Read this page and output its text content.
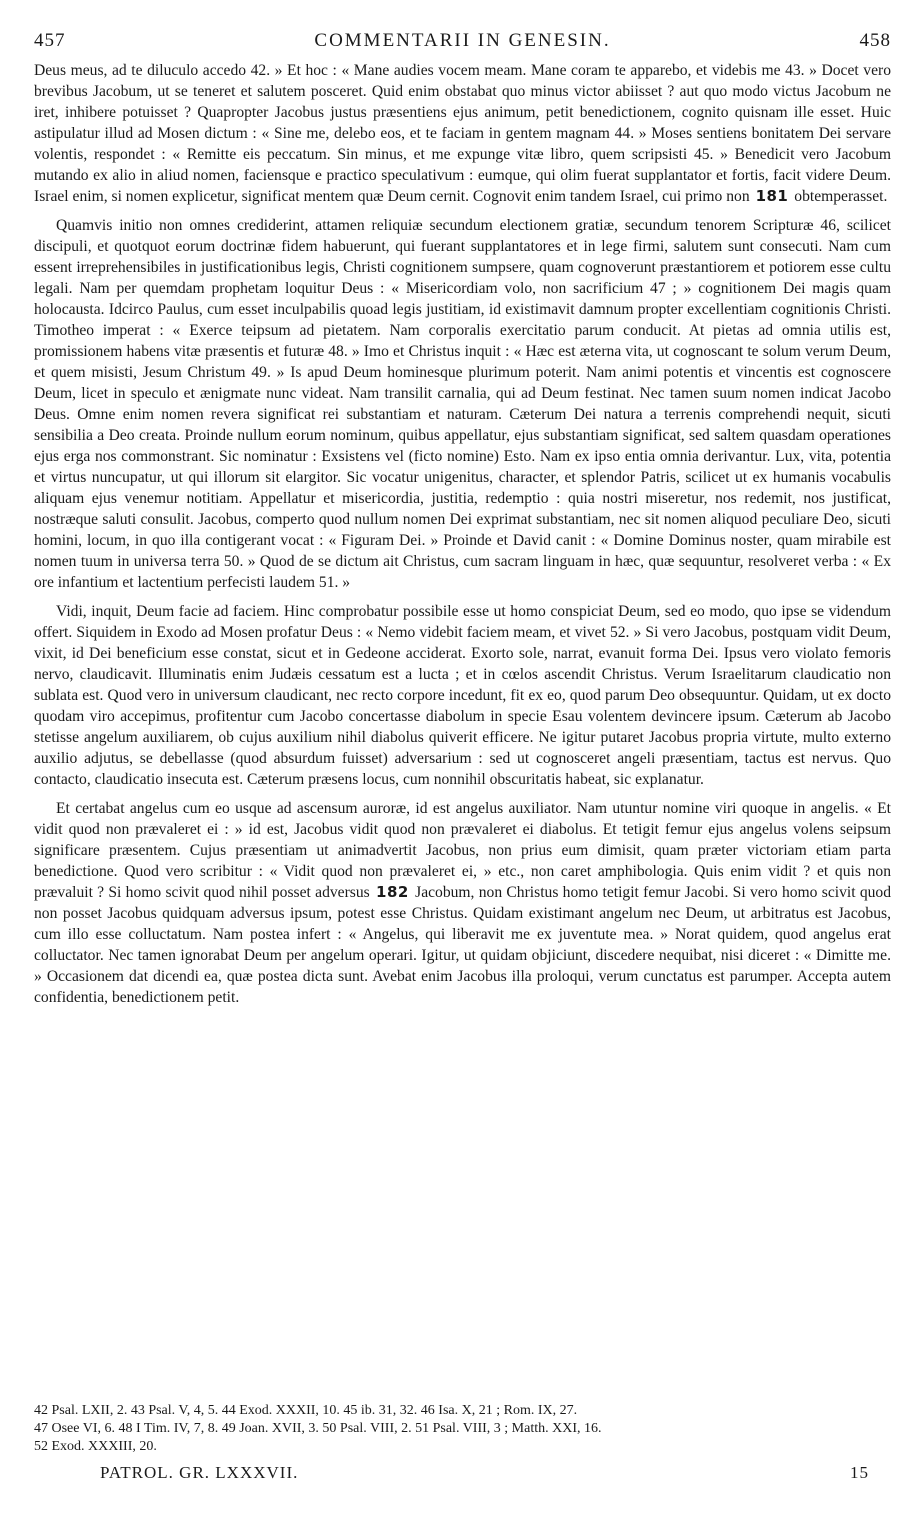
457	COMMENTARII IN GENESIN.	458

Deus meus, ad te diluculo accedo 42. » Et hoc : « Mane audies vocem meam. Mane coram te apparebo, et videbis me 43. » Docet vero brevibus Jacobum, ut se teneret et salutem posceret. Quid enim obstabat quo minus victor abiisset ? aut quo modo victus Jacobum ne iret, inhibere potuisset ? Quapropter Jacobus justus præsentiens ejus animum, petit benedictionem, cognito quisnam ille esset. Huic astipulatur illud ad Mosen dictum : « Sine me, delebo eos, et te faciam in gentem magnam 44. » Moses sentiens bonitatem Dei servare volentis, respondet : « Remitte eis peccatum. Sin minus, et me expunge vitæ libro, quem scripsisti 45. » Benedicit vero Jacobum mutando ex alio in aliud nomen, faciensque e practico speculativum : eumque, qui olim fuerat supplantator et fortis, facit videre Deum. Israel enim, si nomen explicetur, significat mentem quæ Deum cernit. Cognovit enim tandem Israel, cui primo non 181 obtemperasset.

Quamvis initio non omnes crediderint, attamen reliquiæ secundum electionem gratiæ, secundum tenorem Scripturæ 46, scilicet discipuli, et quotquot eorum doctrinæ fidem habuerunt, qui fuerant supplantatores et in lege firmi, salutem sunt consecuti. Nam cum essent irreprehensibiles in justificationibus legis, Christi cognitionem sumpsere, quam cognoverunt præstantiorem et potiorem esse cultu legali. Nam per quemdam prophetam loquitur Deus : « Misericordiam volo, non sacrificium 47 ; » cognitionem Dei magis quam holocausta. Idcirco Paulus, cum esset inculpabilis quoad legis justitiam, id existimavit damnum propter excellentiam cognitionis Christi. Timotheo imperat : « Exerce teipsum ad pietatem. Nam corporalis exercitatio parum conducit. At pietas ad omnia utilis est, promissionem habens vitæ præsentis et futuræ 48. » Imo et Christus inquit : « Hæc est æterna vita, ut cognoscant te solum verum Deum, et quem misisti, Jesum Christum 49. » Is apud Deum hominesque plurimum poterit. Nam animi potentis et vincentis est cognoscere Deum, licet in speculo et ænigmate nunc videat. Nam transilit carnalia, qui ad Deum festinat. Nec tamen suum nomen indicat Jacobo Deus. Omne enim nomen revera significat rei substantiam et naturam. Cæterum Dei natura a terrenis comprehendi nequit, sicuti sensibilia a Deo creata. Proinde nullum eorum nominum, quibus appellatur, ejus substantiam significat, sed saltem quasdam operationes ejus erga nos commonstrant. Sic nominatur : Exsistens vel (ficto nomine) Esto. Nam ex ipso entia omnia derivantur. Lux, vita, potentia et virtus nuncupatur, ut qui illorum sit elargitor. Sic vocatur unigenitus, character, et splendor Patris, scilicet ut ex humanis vocabulis aliquam ejus venemur notitiam. Appellatur et misericordia, justitia, redemptio : quia nostri miseretur, nos redemit, nos justificat, nostræque saluti consulit. Jacobus, comperto quod nullum nomen Dei exprimat substantiam, nec sit nomen aliquod peculiare Deo, sicuti homini, locum, in quo illa contigerant vocat : « Figuram Dei. » Proinde et David canit : « Domine Dominus noster, quam mirabile est nomen tuum in universa terra 50. » Quod de se dictum ait Christus, cum sacram linguam in hæc, quæ sequuntur, resolveret verba : « Ex ore infantium et lactentium perfecisti laudem 51. »

Vidi, inquit, Deum facie ad faciem. Hinc comprobatur possibile esse ut homo conspiciat Deum, sed eo modo, quo ipse se videndum offert. Siquidem in Exodo ad Mosen profatur Deus : « Nemo videbit faciem meam, et vivet 52. » Si vero Jacobus, postquam vidit Deum, vixit, id Dei beneficium esse constat, sicut et in Gedeone acciderat. Exorto sole, narrat, evanuit forma Dei. Ipsus vero violato femoris nervo, claudicavit. Illuminatis enim Judæis cessatum est a lucta ; et in cœlos ascendit Christus. Verum Israelitarum claudicatio non sublata est. Quod vero in universum claudicant, nec recto corpore incedunt, fit ex eo, quod parum Deo obsequuntur. Quidam, ut ex docto quodam viro accepimus, profitentur cum Jacobo concertasse diabolum in specie Esau volentem devincere ipsum. Cæterum ab Jacobo stetisse angelum auxiliarem, ob cujus auxilium nihil diabolus quiverit efficere. Ne igitur putaret Jacobus propria virtute, multo externo auxilio adjutus, se debellasse (quod absurdum fuisset) adversarium : sed ut cognosceret angeli præsentiam, tactus est nervus. Quo contacto, claudicatio insecuta est. Cæterum præsens locus, cum nonnihil obscuritatis habeat, sic explanatur.

Et certabat angelus cum eo usque ad ascensum auroræ, id est angelus auxiliator. Nam utuntur nomine viri quoque in angelis. « Et vidit quod non prævaleret ei : » id est, Jacobus vidit quod non prævaleret ei diabolus. Et tetigit femur ejus angelus volens seipsum significare præsentem. Cujus præsentiam ut animadvertit Jacobus, non prius eum dimisit, quam præter victoriam etiam parta benedictione. Quod vero scribitur : « Vidit quod non prævaleret ei, » etc., non caret amphibologia. Quis enim vidit ? et quis non prævaluit ? Si homo scivit quod nihil posset adversus 182 Jacobum, non Christus homo tetigit femur Jacobi. Si vero homo scivit quod non posset Jacobus quidquam adversus ipsum, potest esse Christus. Quidam existimant angelum nec Deum, ut arbitratus est Jacobus, cum illo esse colluctatum. Nam postea infert : « Angelus, qui liberavit me ex juventute mea. » Norat quidem, quod angelus erat colluctator. Nec tamen ignorabat Deum per angelum operari. Igitur, ut quidam objiciunt, discedere nequibat, nisi diceret : « Dimitte me. » Occasionem dat dicendi ea, quæ postea dicta sunt. Avebat enim Jacobus illa proloqui, verum cunctatus est parumper. Accepta autem confidentia, benedictionem petit.

42 Psal. LXII, 2. 43 Psal. V, 4, 5. 44 Exod. XXXII, 10. 45 ib. 31, 32. 46 Isa. X, 21 ; Rom. IX, 27.
47 Osee VI, 6. 48 I Tim. IV, 7, 8. 49 Joan. XVII, 3. 50 Psal. VIII, 2. 51 Psal. VIII, 3 ; Matth. XXI, 16.
52 Exod. XXXIII, 20.
PATROL. GR. LXXXVII.	15
